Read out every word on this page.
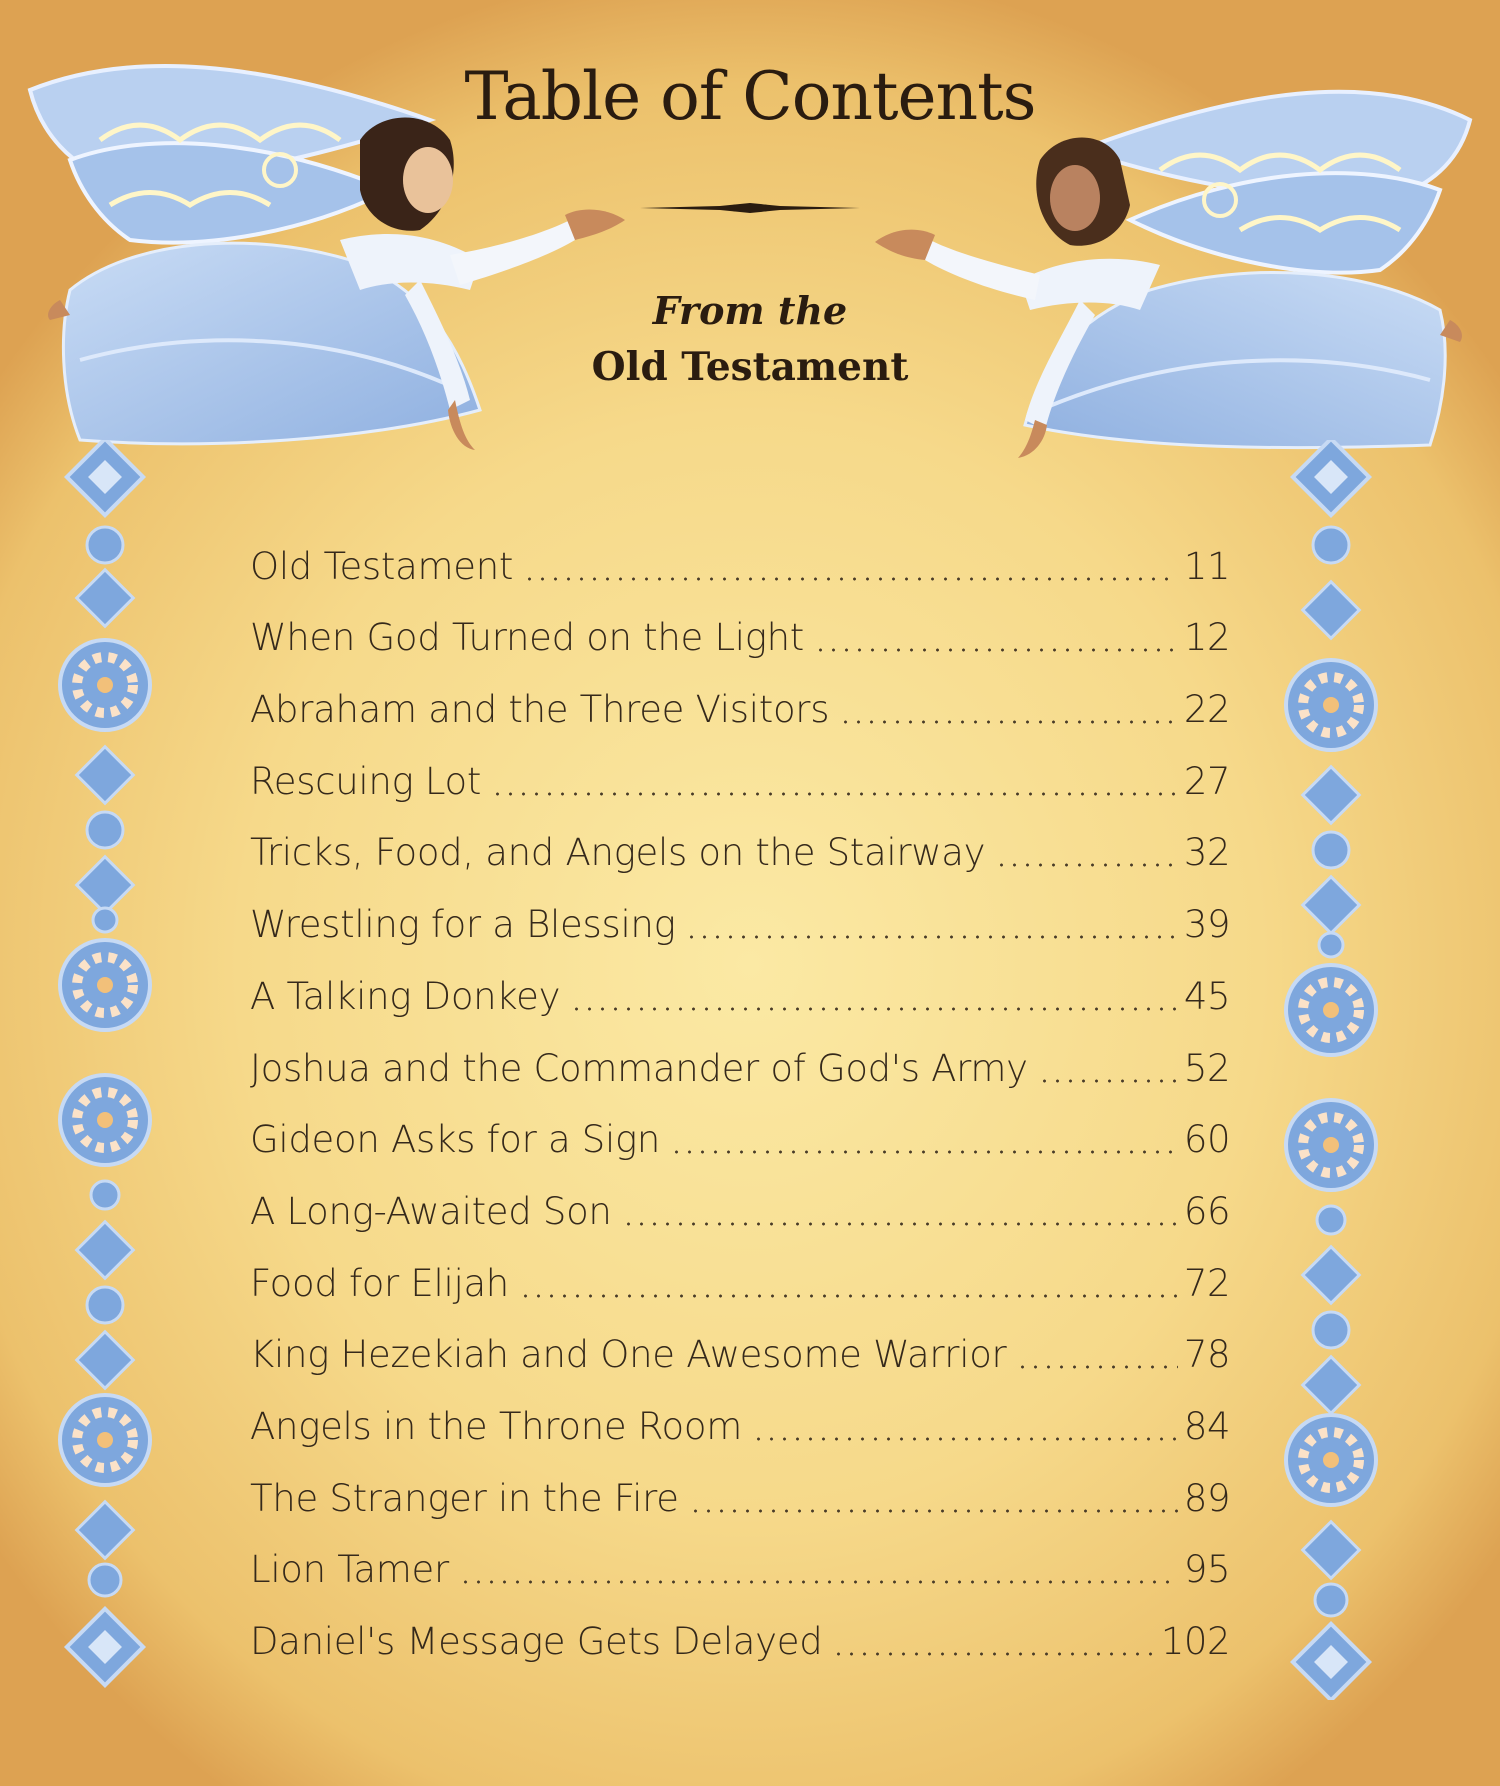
Table of Contents
From the
Old Testament
Old Testament	11
When God Turned on the Light	12
Abraham and the Three Visitors	22
Rescuing Lot	27
Tricks, Food, and Angels on the Stairway	32
Wrestling for a Blessing	39
A Talking Donkey	45
Joshua and the Commander of God's Army	52
Gideon Asks for a Sign	60
A Long-Awaited Son	66
Food for Elijah	72
King Hezekiah and One Awesome Warrior	78
Angels in the Throne Room	84
The Stranger in the Fire	89
Lion Tamer	95
Daniel's Message Gets Delayed	102
